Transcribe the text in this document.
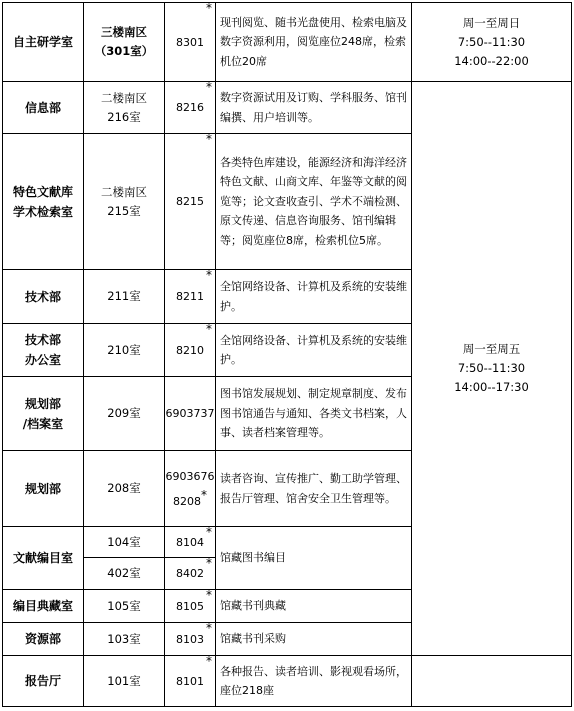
自主研学室	三楼南区
（301室）	8301
*	现刊阅览、随书光盘使用、检索电脑及数字资源利用，阅览座位248席，检索机位20席	周一至周日
7:50--11:30
14:00--22:00

信息部	二楼南区
216室	8216
*	数字资源试用及订购、学科服务、馆刊编撰、用户培训等。	周一至周五
7:50--11:30
14:00--17:30

特色文献库
学术检索室	二楼南区
215室	8215
*	各类特色库建设，能源经济和海洋经济特色文献、山商文库、年鉴等文献的阅览等；论文查收查引、学术不端检测、原文传递、信息咨询服务、馆刊编辑等；阅览座位8席，检索机位5席。	

技术部	211室	8211
*	全馆网络设备、计算机及系统的安装维护。	

技术部
办公室	210室	8210
*	全馆网络设备、计算机及系统的安装维护。	

规划部
/档案室	209室	6903737	图书馆发展规划、制定规章制度、发布图书馆通告与通知、各类文书档案，人事、读者档案管理等。	

规划部	208室	6903676
8208*	读者咨询、宣传推广、勤工助学管理、报告厅管理、馆舍安全卫生管理等。	

文献编目室	104室	8104
*	馆藏图书编目	
	402室	8402
*		

编目典藏室	105室	8105
*	馆藏书刊典藏	

资源部	103室	8103
*	馆藏书刊采购	

报告厅	101室	8101
*	各种报告、读者培训、影视观看场所，座位218座	
